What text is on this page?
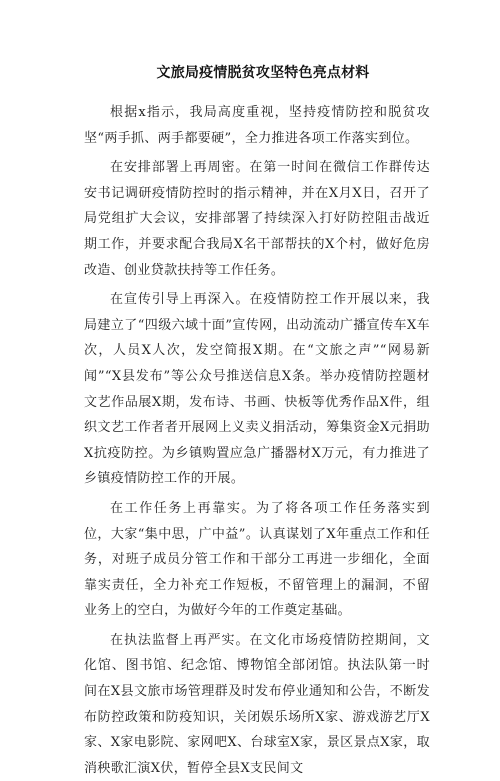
文旅局疫情脱贫攻坚特色亮点材料

根据x指示，我局高度重视，坚持疫情防控和脱贫攻坚“两手抓、两手都要硬”，全力推进各项工作落实到位。

在安排部署上再周密。在第一时间在微信工作群传达安书记调研疫情防控时的指示精神，并在X月X日，召开了局党组扩大会议，安排部署了持续深入打好防控阻击战近期工作，并要求配合我局X名干部帮扶的X个村，做好危房改造、创业贷款扶持等工作任务。

在宣传引导上再深入。在疫情防控工作开展以来，我局建立了“四级六域十面”宣传网，出动流动广播宣传车X车次，人员X人次，发空简报X期。在“文旅之声”“网易新闻”“X县发布”等公众号推送信息X条。举办疫情防控题材文艺作品展X期，发布诗、书画、快板等优秀作品X件，组织文艺工作者者开展网上义卖义捐活动，筹集资金X元捐助X抗疫防控。为乡镇购置应急广播器材X万元，有力推进了乡镇疫情防控工作的开展。

在工作任务上再靠实。为了将各项工作任务落实到位，大家“集中思，广中益”。认真谋划了X年重点工作和任务，对班子成员分管工作和干部分工再进一步细化，全面靠实责任，全力补充工作短板，不留管理上的漏洞，不留业务上的空白，为做好今年的工作奠定基础。

在执法监督上再严实。在文化市场疫情防控期间，文化馆、图书馆、纪念馆、博物馆全部闭馆。执法队第一时间在X县文旅市场管理群及时发布停业通知和公告，不断发布防控政策和防疫知识，关闭娱乐场所X家、游戏游艺厅X家、X家电影院、家网吧X、台球室X家，景区景点X家，取消秧歌汇演X伏，暂停全县X支民间文
